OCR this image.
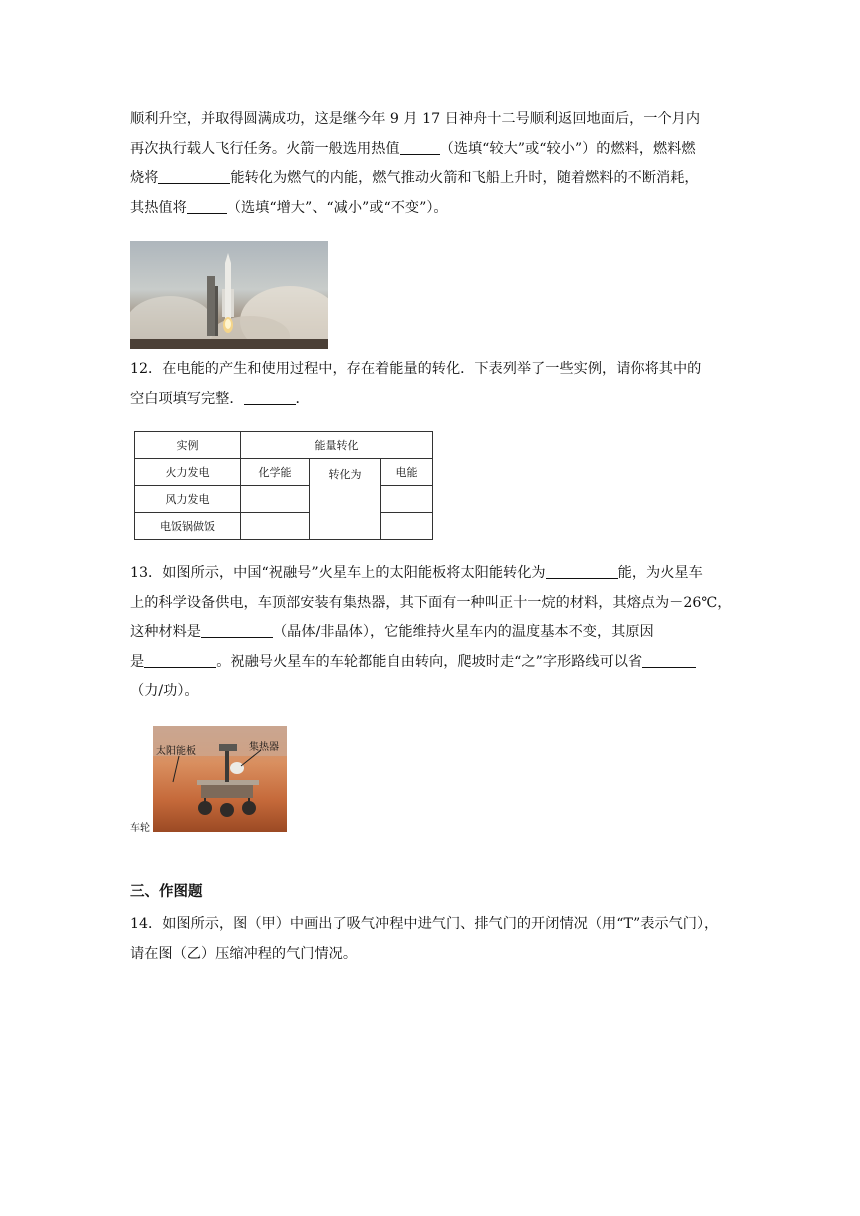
顺利升空，并取得圆满成功，这是继今年 9 月 17 日神舟十二号顺利返回地面后，一个月内
再次执行载人飞行任务。火箭一般选用热值	（选填“较大”或“较小”）的燃料，燃料燃
烧将	能转化为燃气的内能，燃气推动火箭和飞船上升时，随着燃料的不断消耗，
其热值将	（选填“增大”、“减小”或“不变”）。
12．在电能的产生和使用过程中，存在着能量的转化．下表列举了一些实例，请你将其中的
空白项填写完整．	．
实例	能量转化		
火力发电	化学能	转化为	电能
风力发电			
电饭锅做饭			
13．如图所示，中国“祝融号”火星车上的太阳能板将太阳能转化为	能，为火星车
上的科学设备供电，车顶部安装有集热器，其下面有一种叫正十一烷的材料，其熔点为－26℃，
这种材料是	（晶体/非晶体），它能维持火星车内的温度基本不变，其原因
是	。祝融号火星车的车轮都能自由转向，爬坡时走“之”字形路线可以省
（力/功）。
太阳能板	集热器
车轮
三、作图题
14．如图所示，图（甲）中画出了吸气冲程中进气门、排气门的开闭情况（用“T”表示气门），
请在图（乙）压缩冲程的气门情况。
